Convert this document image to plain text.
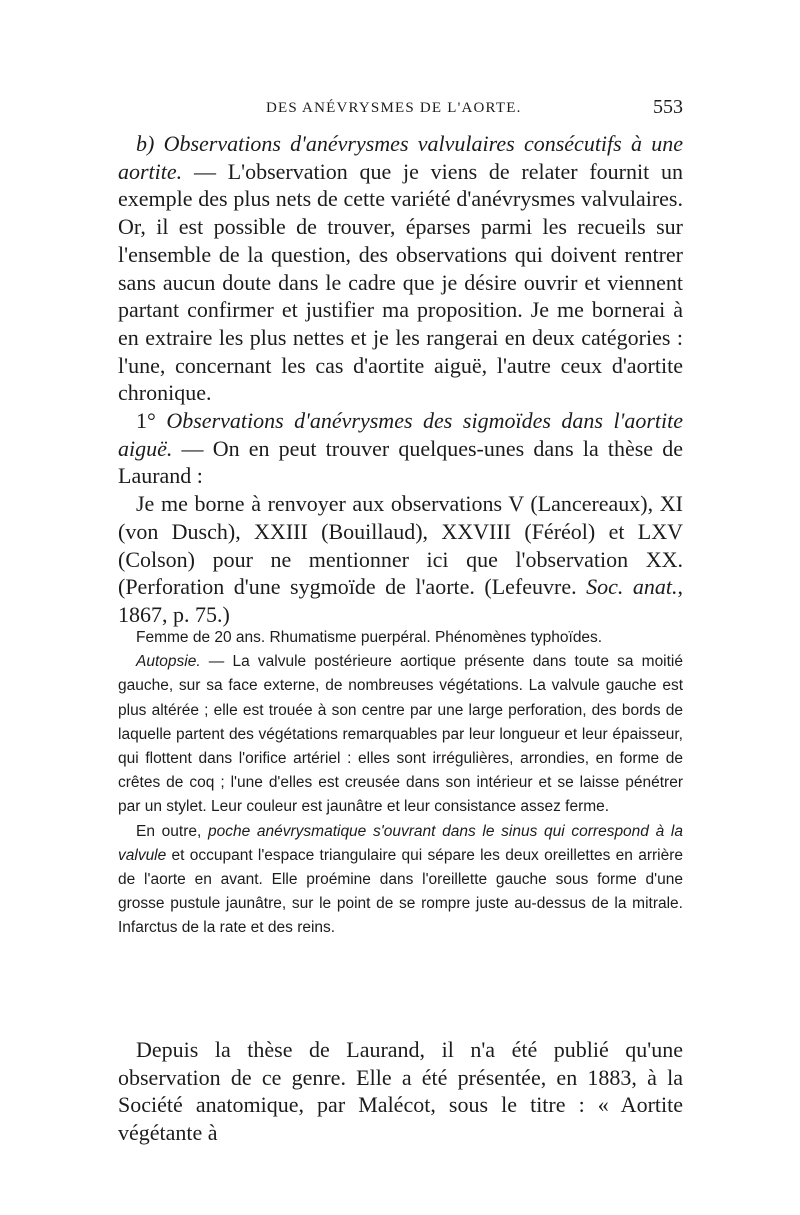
DES ANÉVRYSMES DE L'AORTE.	553

b) Observations d'anévrysmes valvulaires consécutifs à une aortite. — L'observation que je viens de relater fournit un exemple des plus nets de cette variété d'anévrysmes valvulaires. Or, il est possible de trouver, éparses parmi les recueils sur l'ensemble de la question, des observations qui doivent rentrer sans aucun doute dans le cadre que je désire ouvrir et viennent partant confirmer et justifier ma proposition. Je me bornerai à en extraire les plus nettes et je les rangerai en deux catégories : l'une, concernant les cas d'aortite aiguë, l'autre ceux d'aortite chronique.

1° Observations d'anévrysmes des sigmoïdes dans l'aortite aiguë. — On en peut trouver quelques-unes dans la thèse de Laurand :

Je me borne à renvoyer aux observations V (Lancereaux), XI (von Dusch), XXIII (Bouillaud), XXVIII (Féréol) et LXV (Colson) pour ne mentionner ici que l'observation XX. (Perforation d'une sygmoïde de l'aorte. (Lefeuvre. Soc. anat., 1867, p. 75.)

Femme de 20 ans. Rhumatisme puerpéral. Phénomènes typhoïdes.

Autopsie. — La valvule postérieure aortique présente dans toute sa moitié gauche, sur sa face externe, de nombreuses végétations. La valvule gauche est plus altérée ; elle est trouée à son centre par une large perforation, des bords de laquelle partent des végétations remarquables par leur longueur et leur épaisseur, qui flottent dans l'orifice artériel : elles sont irrégulières, arrondies, en forme de crêtes de coq ; l'une d'elles est creusée dans son intérieur et se laisse pénétrer par un stylet. Leur couleur est jaunâtre et leur consistance assez ferme.

En outre, poche anévrysmatique s'ouvrant dans le sinus qui correspond à la valvule et occupant l'espace triangulaire qui sépare les deux oreillettes en arrière de l'aorte en avant. Elle proémine dans l'oreillette gauche sous forme d'une grosse pustule jaunâtre, sur le point de se rompre juste au-dessus de la mitrale. Infarctus de la rate et des reins.

Depuis la thèse de Laurand, il n'a été publié qu'une observation de ce genre. Elle a été présentée, en 1883, à la Société anatomique, par Malécot, sous le titre : « Aortite végétante à
